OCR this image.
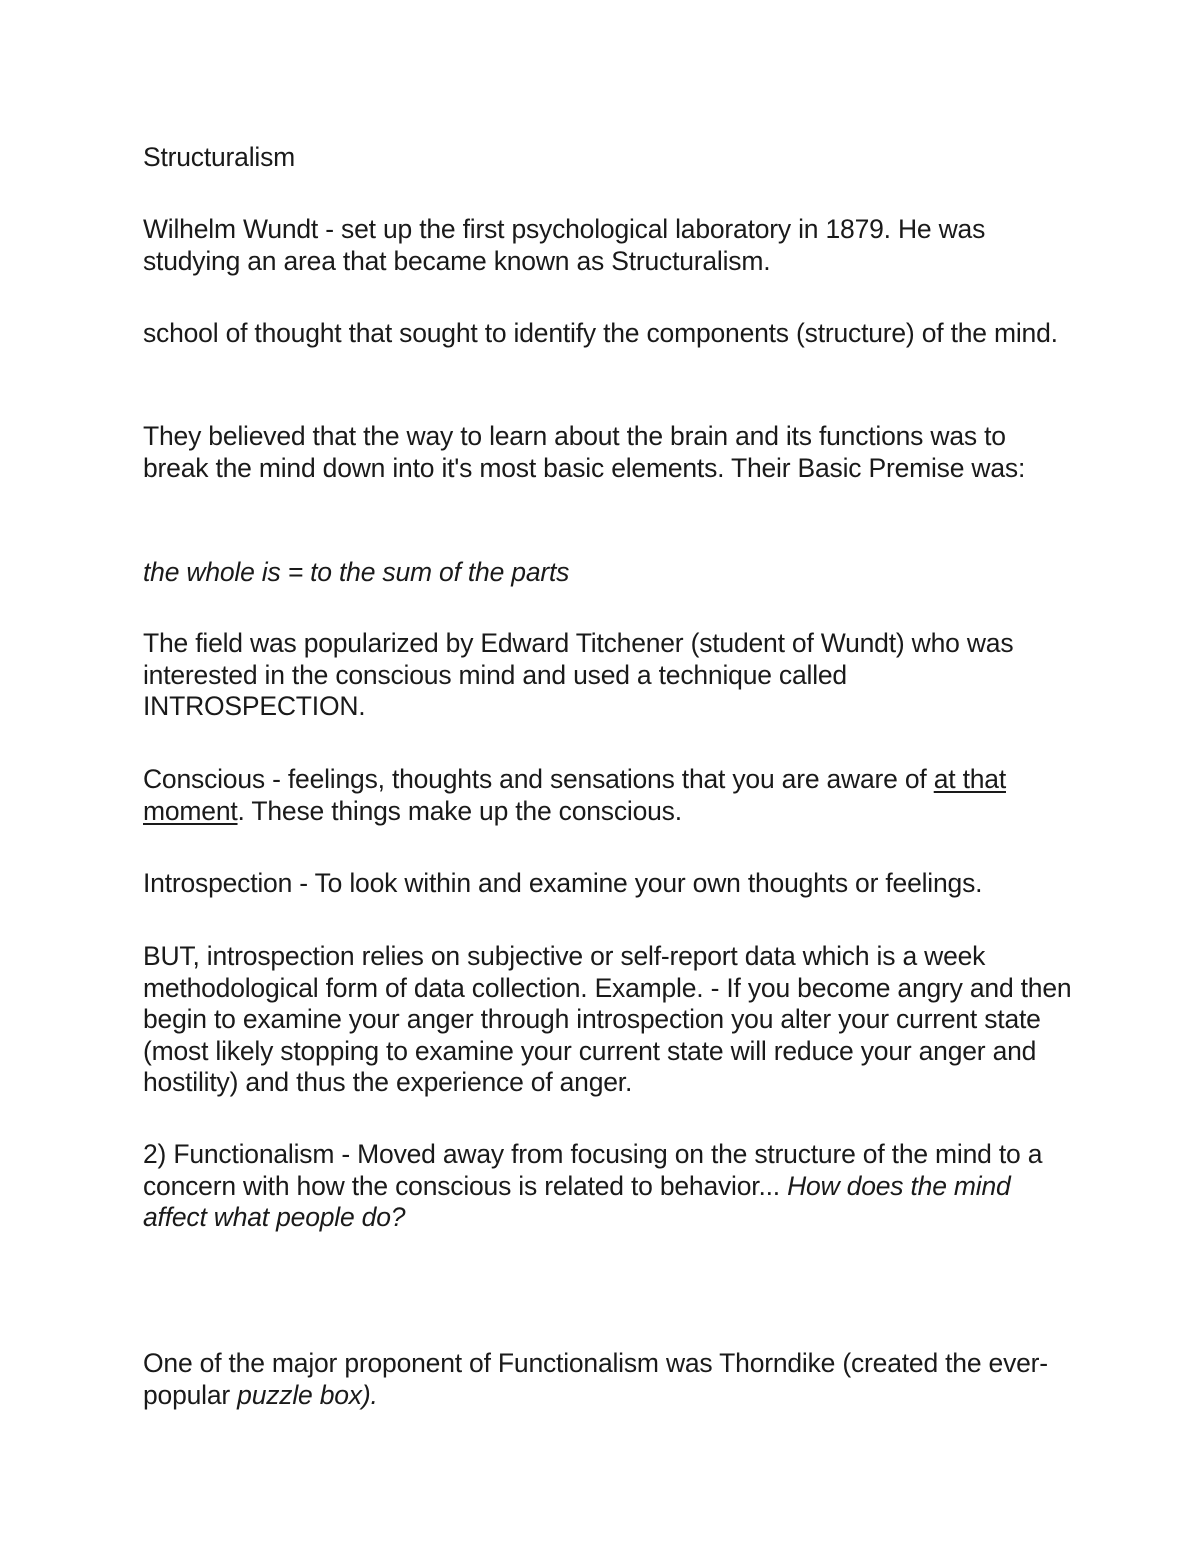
Structuralism

Wilhelm Wundt - set up the first psychological laboratory in 1879. He was studying an area that became known as Structuralism.

school of thought that sought to identify the components (structure) of the mind.

They believed that the way to learn about the brain and its functions was to break the mind down into it's most basic elements. Their Basic Premise was:

the whole is = to the sum of the parts

The field was popularized by Edward Titchener (student of Wundt) who was interested in the conscious mind and used a technique called INTROSPECTION.

Conscious - feelings, thoughts and sensations that you are aware of at that moment. These things make up the conscious.

Introspection - To look within and examine your own thoughts or feelings.

BUT, introspection relies on subjective or self-report data which is a week methodological form of data collection. Example. - If you become angry and then begin to examine your anger through introspection you alter your current state (most likely stopping to examine your current state will reduce your anger and hostility) and thus the experience of anger.

2) Functionalism - Moved away from focusing on the structure of the mind to a concern with how the conscious is related to behavior... How does the mind affect what people do?

One of the major proponent of Functionalism was Thorndike (created the ever-popular puzzle box).
